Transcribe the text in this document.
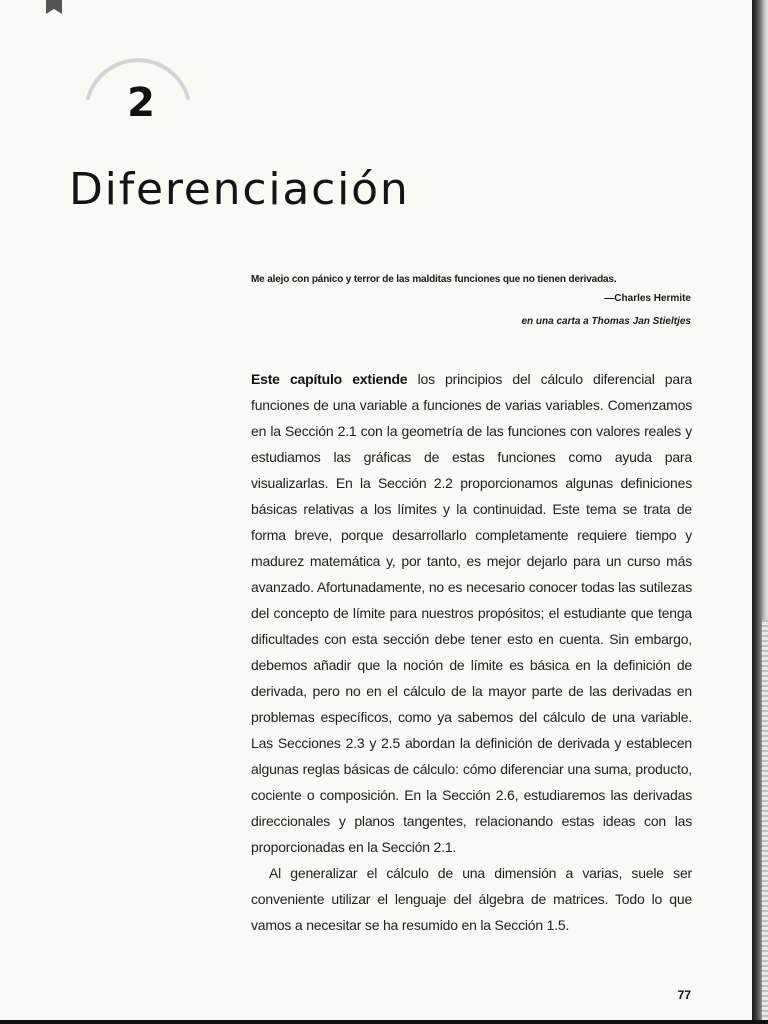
2
Diferenciación
Me alejo con pánico y terror de las malditas funciones que no tienen derivadas.
—Charles Hermite
en una carta a Thomas Jan Stieltjes

Este capítulo extiende los principios del cálculo diferencial para funciones de una variable a funciones de varias variables. Comenzamos en la Sección 2.1 con la geometría de las funciones con valores reales y estudiamos las gráficas de estas funciones como ayuda para visualizarlas. En la Sección 2.2 proporcionamos algunas definiciones básicas relativas a los límites y la continuidad. Este tema se trata de forma breve, porque desarrollarlo completamente requiere tiempo y madurez matemática y, por tanto, es mejor dejarlo para un curso más avanzado. Afortunadamente, no es necesario conocer todas las sutilezas del concepto de límite para nuestros propósitos; el estudiante que tenga dificultades con esta sección debe tener esto en cuenta. Sin embargo, debemos añadir que la noción de límite es básica en la definición de derivada, pero no en el cálculo de la mayor parte de las derivadas en problemas específicos, como ya sabemos del cálculo de una variable. Las Secciones 2.3 y 2.5 abordan la definición de derivada y establecen algunas reglas básicas de cálculo: cómo diferenciar una suma, producto, cociente o composición. En la Sección 2.6, estudiaremos las derivadas direccionales y planos tangentes, relacionando estas ideas con las proporcionadas en la Sección 2.1.

Al generalizar el cálculo de una dimensión a varias, suele ser conveniente utilizar el lenguaje del álgebra de matrices. Todo lo que vamos a necesitar se ha resumido en la Sección 1.5.

77
